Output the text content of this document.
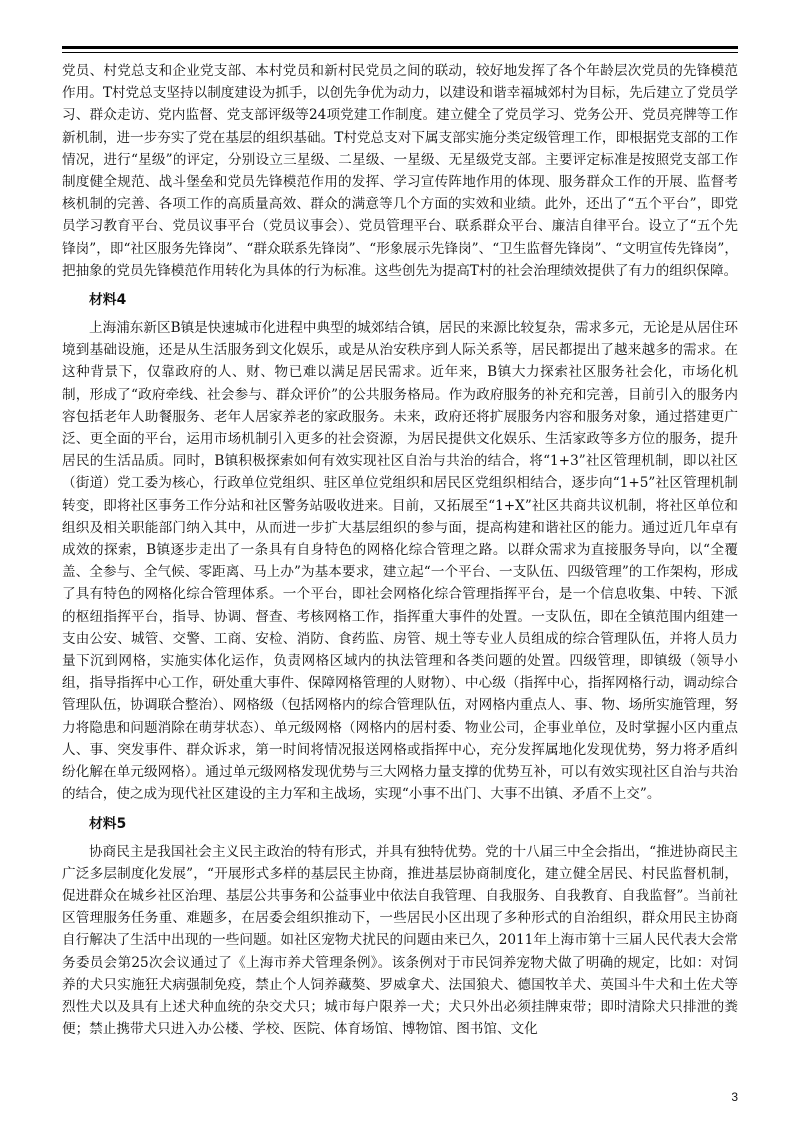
党员、村党总支和企业党支部、本村党员和新村民党员之间的联动，较好地发挥了各个年龄层次党员的先锋模范作用。T村党总支坚持以制度建设为抓手，以创先争优为动力，以建设和谐幸福城郊村为目标，先后建立了党员学习、群众走访、党内监督、党支部评级等24项党建工作制度。建立健全了党员学习、党务公开、党员亮牌等工作新机制，进一步夯实了党在基层的组织基础。T村党总支对下属支部实施分类定级管理工作，即根据党支部的工作情况，进行“星级”的评定，分别设立三星级、二星级、一星级、无星级党支部。主要评定标准是按照党支部工作制度健全规范、战斗堡垒和党员先锋模范作用的发挥、学习宣传阵地作用的体现、服务群众工作的开展、监督考核机制的完善、各项工作的高质量高效、群众的满意等几个方面的实效和业绩。此外，还出了“五个平台”，即党员学习教育平台、党员议事平台（党员议事会）、党员管理平台、联系群众平台、廉洁自律平台。设立了“五个先锋岗”，即“社区服务先锋岗”、“群众联系先锋岗”、“形象展示先锋岗”、“卫生监督先锋岗”、“文明宣传先锋岗”，把抽象的党员先锋模范作用转化为具体的行为标准。这些创先为提高T村的社会治理绩效提供了有力的组织保障。

材料4

上海浦东新区B镇是快速城市化进程中典型的城郊结合镇，居民的来源比较复杂，需求多元，无论是从居住环境到基础设施，还是从生活服务到文化娱乐，或是从治安秩序到人际关系等，居民都提出了越来越多的需求。在这种背景下，仅靠政府的人、财、物已难以满足居民需求。近年来，B镇大力探索社区服务社会化，市场化机制，形成了“政府牵线、社会参与、群众评价”的公共服务格局。作为政府服务的补充和完善，目前引入的服务内容包括老年人助餐服务、老年人居家养老的家政服务。未来，政府还将扩展服务内容和服务对象，通过搭建更广泛、更全面的平台，运用市场机制引入更多的社会资源，为居民提供文化娱乐、生活家政等多方位的服务，提升居民的生活品质。同时，B镇积极探索如何有效实现社区自治与共治的结合，将“1+3”社区管理机制，即以社区（街道）党工委为核心，行政单位党组织、驻区单位党组织和居民区党组织相结合，逐步向“1+5”社区管理机制转变，即将社区事务工作分站和社区警务站吸收进来。目前，又拓展至“1+X”社区共商共议机制，将社区单位和组织及相关职能部门纳入其中，从而进一步扩大基层组织的参与面，提高构建和谐社区的能力。通过近几年卓有成效的探索，B镇逐步走出了一条具有自身特色的网格化综合管理之路。以群众需求为直接服务导向，以“全覆盖、全参与、全气候、零距离、马上办”为基本要求，建立起“一个平台、一支队伍、四级管理”的工作架构，形成了具有特色的网格化综合管理体系。一个平台，即社会网格化综合管理指挥平台，是一个信息收集、中转、下派的枢纽指挥平台，指导、协调、督查、考核网格工作，指挥重大事件的处置。一支队伍，即在全镇范围内组建一支由公安、城管、交警、工商、安检、消防、食药监、房管、规土等专业人员组成的综合管理队伍，并将人员力量下沉到网格，实施实体化运作，负责网格区域内的执法管理和各类问题的处置。四级管理，即镇级（领导小组，指导指挥中心工作，研处重大事件、保障网格管理的人财物）、中心级（指挥中心，指挥网格行动，调动综合管理队伍，协调联合整治）、网格级（包括网格内的综合管理队伍，对网格内重点人、事、物、场所实施管理，努力将隐患和问题消除在萌芽状态）、单元级网格（网格内的居村委、物业公司，企事业单位，及时掌握小区内重点人、事、突发事件、群众诉求，第一时间将情况报送网格或指挥中心，充分发挥属地化发现优势，努力将矛盾纠纷化解在单元级网格）。通过单元级网格发现优势与三大网格力量支撑的优势互补，可以有效实现社区自治与共治的结合，使之成为现代社区建设的主力军和主战场，实现“小事不出门、大事不出镇、矛盾不上交”。

材料5

协商民主是我国社会主义民主政治的特有形式，并具有独特优势。党的十八届三中全会指出，“推进协商民主广泛多层制度化发展”，“开展形式多样的基层民主协商，推进基层协商制度化，建立健全居民、村民监督机制，促进群众在城乡社区治理、基层公共事务和公益事业中依法自我管理、自我服务、自我教育、自我监督”。当前社区管理服务任务重、难题多，在居委会组织推动下，一些居民小区出现了多种形式的自治组织，群众用民主协商自行解决了生活中出现的一些问题。如社区宠物犬扰民的问题由来已久，2011年上海市第十三届人民代表大会常务委员会第25次会议通过了《上海市养犬管理条例》。该条例对于市民饲养宠物犬做了明确的规定，比如：对饲养的犬只实施狂犬病强制免疫，禁止个人饲养藏獒、罗威拿犬、法国狼犬、德国牧羊犬、英国斗牛犬和土佐犬等烈性犬以及具有上述犬种血统的杂交犬只；城市每户限养一犬；犬只外出必须挂牌束带；即时清除犬只排泄的粪便；禁止携带犬只进入办公楼、学校、医院、体育场馆、博物馆、图书馆、文化

3
